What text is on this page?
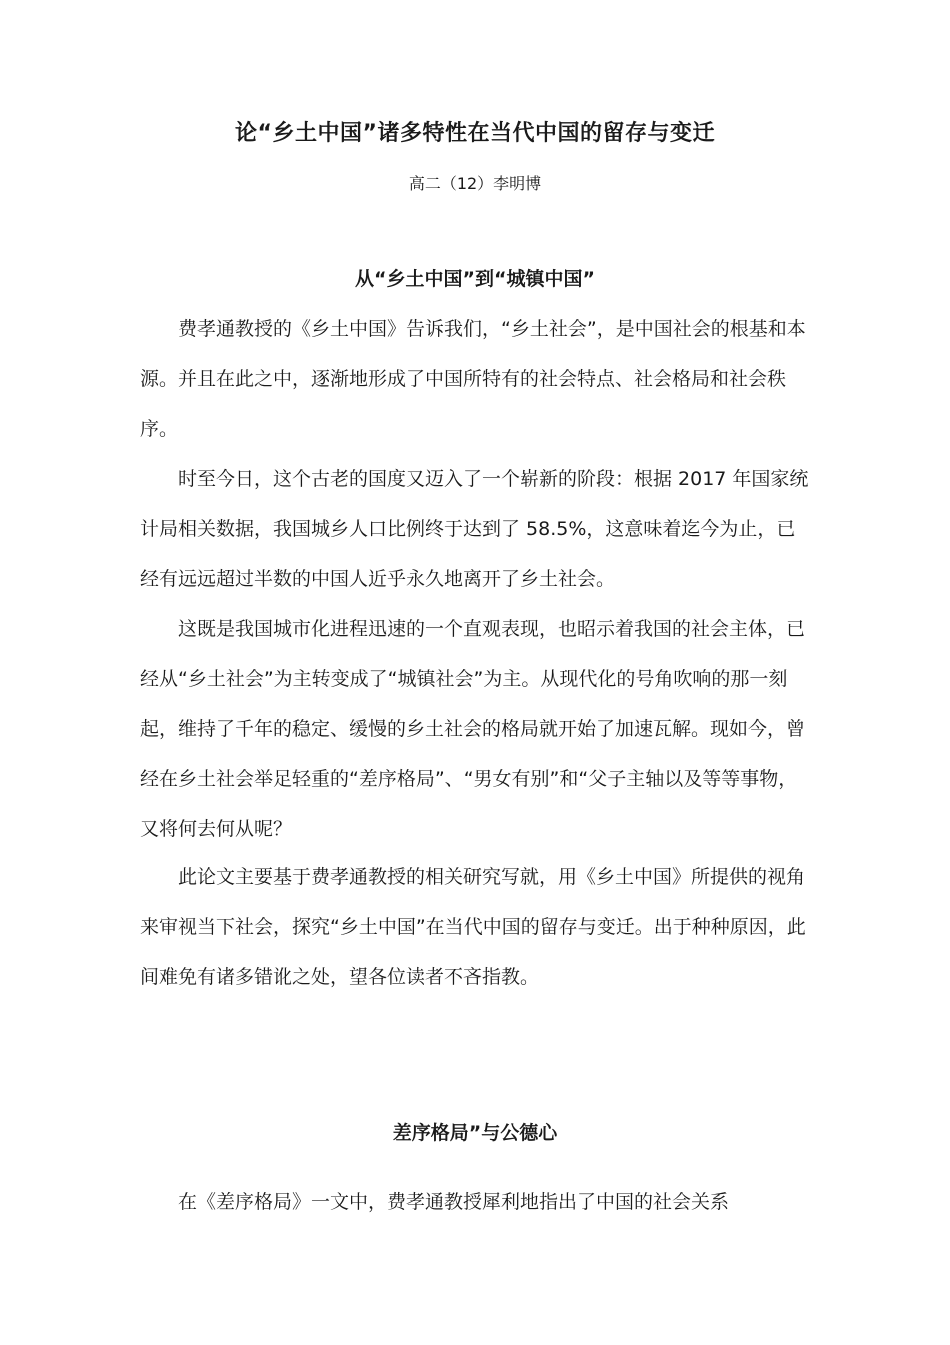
论“乡土中国”诸多特性在当代中国的留存与变迁
高二（12）李明博
从“乡土中国”到“城镇中国”

费孝通教授的《乡土中国》告诉我们，“乡土社会”，是中国社会的根基和本源。并且在此之中，逐渐地形成了中国所特有的社会特点、社会格局和社会秩序。

时至今日，这个古老的国度又迈入了一个崭新的阶段：根据 2017 年国家统计局相关数据，我国城乡人口比例终于达到了 58.5%，这意味着迄今为止，已经有远远超过半数的中国人近乎永久地离开了乡土社会。

这既是我国城市化进程迅速的一个直观表现，也昭示着我国的社会主体，已经从“乡土社会”为主转变成了“城镇社会”为主。从现代化的号角吹响的那一刻起，维持了千年的稳定、缓慢的乡土社会的格局就开始了加速瓦解。现如今，曾经在乡土社会举足轻重的“差序格局”、“男女有别”和“父子主轴以及等等事物，又将何去何从呢？

此论文主要基于费孝通教授的相关研究写就，用《乡土中国》所提供的视角来审视当下社会，探究“乡土中国”在当代中国的留存与变迁。出于种种原因，此间难免有诸多错讹之处，望各位读者不吝指教。

差序格局”与公德心

在《差序格局》一文中，费孝通教授犀利地指出了中国的社会关系
